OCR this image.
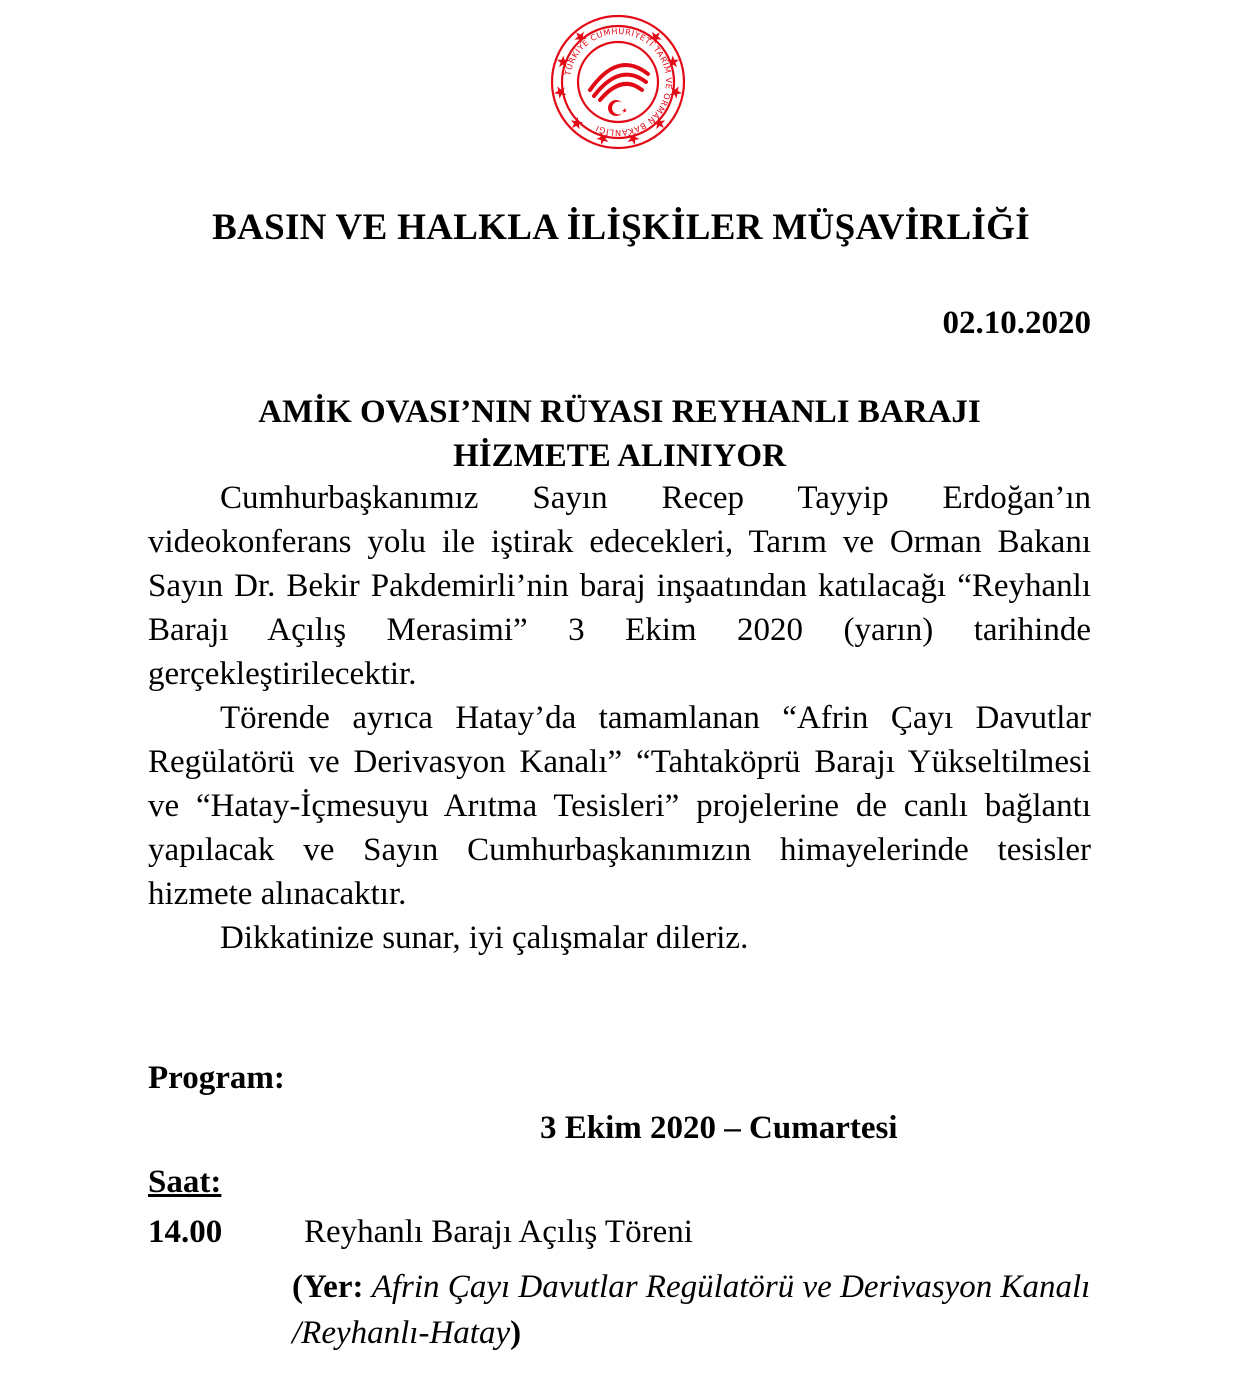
TÜRKİYE CUMHURİYETİ TARIM VE ORMAN BAKANLIĞI
BASIN VE HALKLA İLİŞKİLER MÜŞAVİRLİĞİ
02.10.2020
AMİK OVASI’NIN RÜYASI REYHANLI BARAJI
HİZMETE ALINIYOR

Cumhurbaşkanımız Sayın Recep Tayyip Erdoğan’ın videokonferans yolu ile iştirak edecekleri, Tarım ve Orman Bakanı Sayın Dr. Bekir Pakdemirli’nin baraj inşaatından katılacağı “Reyhanlı Barajı Açılış Merasimi” 3 Ekim 2020 (yarın) tarihinde gerçekleştirilecektir.

Törende ayrıca Hatay’da tamamlanan “Afrin Çayı Davutlar Regülatörü ve Derivasyon Kanalı” “Tahtaköprü Barajı Yükseltilmesi ve “Hatay-İçmesuyu Arıtma Tesisleri” projelerine de canlı bağlantı yapılacak ve Sayın Cumhurbaşkanımızın himayelerinde tesisler hizmete alınacaktır.

Dikkatinize sunar, iyi çalışmalar dileriz.

Program:
3 Ekim 2020 – Cumartesi
Saat:
14.00 Reyhanlı Barajı Açılış Töreni
(Yer: Afrin Çayı Davutlar Regülatörü ve Derivasyon Kanalı /Reyhanlı-Hatay)
